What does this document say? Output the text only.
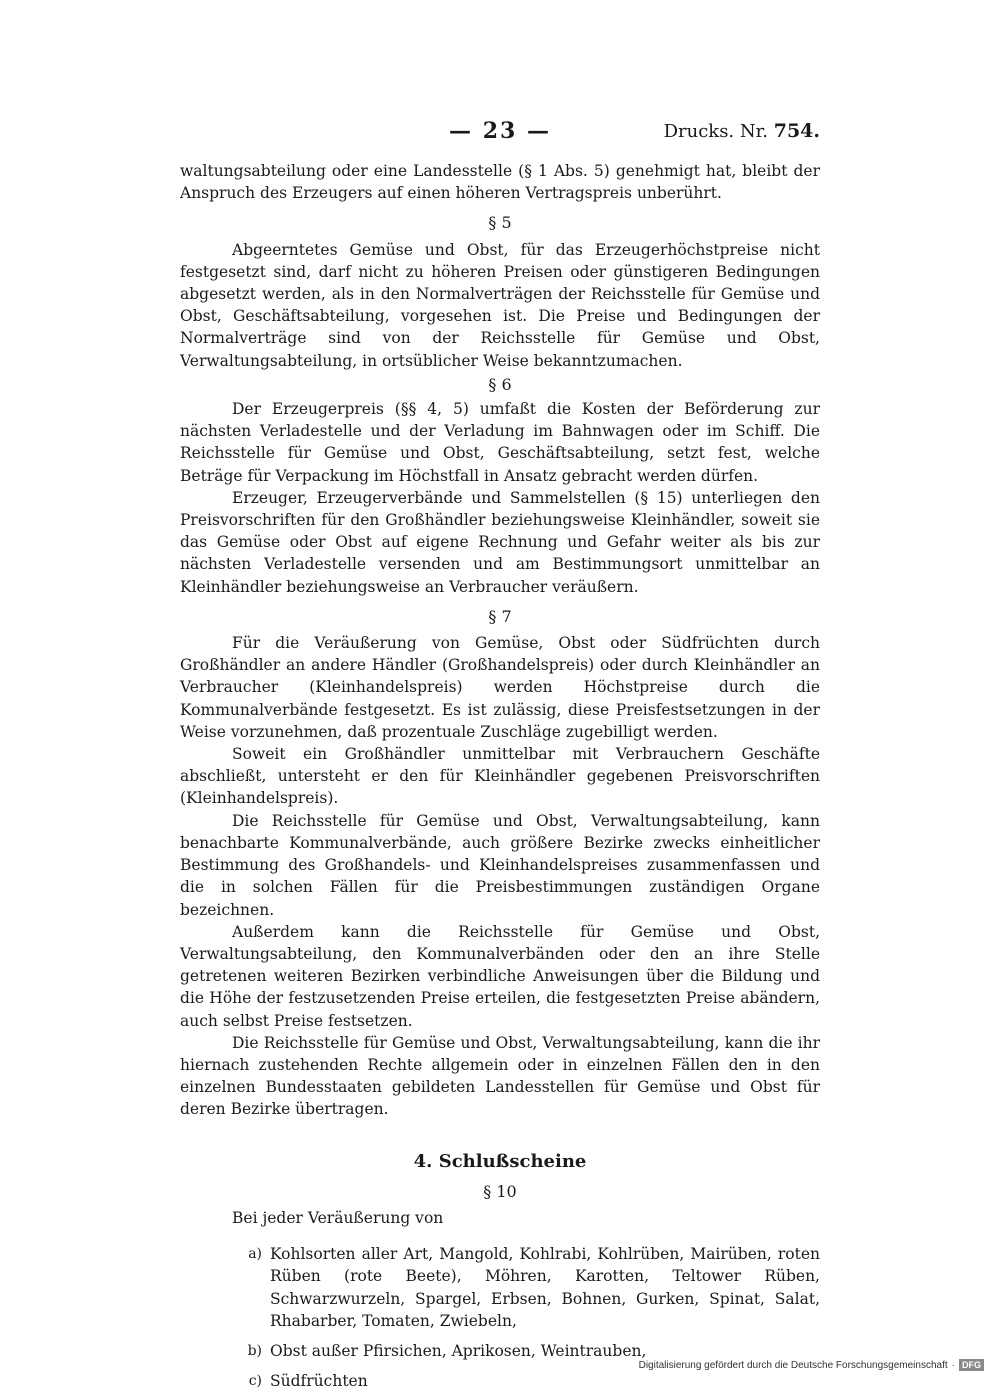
— 23 —	Drucks. Nr. 754.

waltungsabteilung oder eine Landesstelle (§ 1 Abs. 5) genehmigt hat, bleibt der Anspruch des Erzeugers auf einen höheren Vertragspreis unberührt.

§ 5

Abgeerntetes Gemüse und Obst, für das Erzeugerhöchstpreise nicht festgesetzt sind, darf nicht zu höheren Preisen oder günstigeren Bedingungen abgesetzt werden, als in den Normalverträgen der Reichsstelle für Gemüse und Obst, Geschäftsabteilung, vorgesehen ist. Die Preise und Bedingungen der Normalverträge sind von der Reichsstelle für Gemüse und Obst, Verwaltungsabteilung, in ortsüblicher Weise bekanntzumachen.

§ 6

Der Erzeugerpreis (§§ 4, 5) umfaßt die Kosten der Beförderung zur nächsten Verladestelle und der Verladung im Bahnwagen oder im Schiff. Die Reichsstelle für Gemüse und Obst, Geschäftsabteilung, setzt fest, welche Beträge für Verpackung im Höchstfall in Ansatz gebracht werden dürfen.

Erzeuger, Erzeugerverbände und Sammelstellen (§ 15) unterliegen den Preisvorschriften für den Großhändler beziehungsweise Kleinhändler, soweit sie das Gemüse oder Obst auf eigene Rechnung und Gefahr weiter als bis zur nächsten Verladestelle versenden und am Bestimmungsort unmittelbar an Kleinhändler beziehungsweise an Verbraucher veräußern.

§ 7

Für die Veräußerung von Gemüse, Obst oder Südfrüchten durch Großhändler an andere Händler (Großhandelspreis) oder durch Kleinhändler an Verbraucher (Kleinhandelspreis) werden Höchstpreise durch die Kommunalverbände festgesetzt. Es ist zulässig, diese Preisfestsetzungen in der Weise vorzunehmen, daß prozentuale Zuschläge zugebilligt werden.

Soweit ein Großhändler unmittelbar mit Verbrauchern Geschäfte abschließt, untersteht er den für Kleinhändler gegebenen Preisvorschriften (Kleinhandelspreis).

Die Reichsstelle für Gemüse und Obst, Verwaltungsabteilung, kann benachbarte Kommunalverbände, auch größere Bezirke zwecks einheitlicher Bestimmung des Großhandels- und Kleinhandelspreises zusammenfassen und die in solchen Fällen für die Preisbestimmungen zuständigen Organe bezeichnen.

Außerdem kann die Reichsstelle für Gemüse und Obst, Verwaltungsabteilung, den Kommunalverbänden oder den an ihre Stelle getretenen weiteren Bezirken verbindliche Anweisungen über die Bildung und die Höhe der festzusetzenden Preise erteilen, die festgesetzten Preise abändern, auch selbst Preise festsetzen.

Die Reichsstelle für Gemüse und Obst, Verwaltungsabteilung, kann die ihr hiernach zustehenden Rechte allgemein oder in einzelnen Fällen den in den einzelnen Bundesstaaten gebildeten Landesstellen für Gemüse und Obst für deren Bezirke übertragen.

4. Schlußscheine
§ 10

Bei jeder Veräußerung von

a) Kohlsorten aller Art, Mangold, Kohlrabi, Kohlrüben, Mairüben, roten Rüben (rote Beete), Möhren, Karotten, Teltower Rüben, Schwarzwurzeln, Spargel, Erbsen, Bohnen, Gurken, Spinat, Salat, Rhabarber, Tomaten, Zwiebeln,
b) Obst außer Pfirsichen, Aprikosen, Weintrauben,
c) Südfrüchten
Digitalisierung gefördert durch die Deutsche Forschungsgemeinschaft · DFG
